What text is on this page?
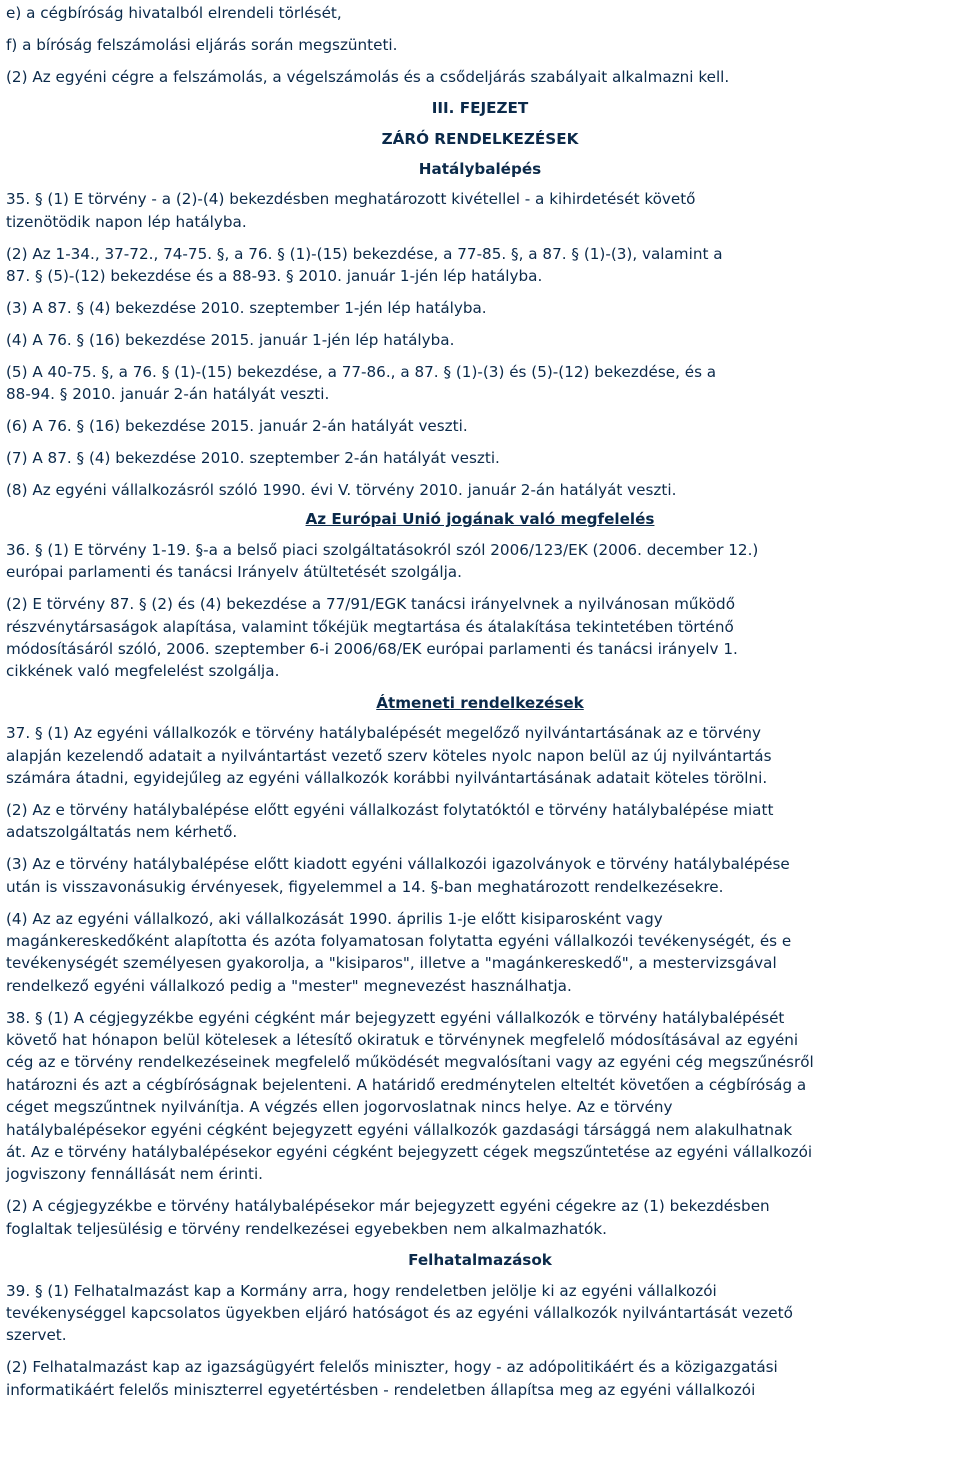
e) a cégbíróság hivatalból elrendeli törlését,
f) a bíróság felszámolási eljárás során megszünteti.
(2) Az egyéni cégre a felszámolás, a végelszámolás és a csődeljárás szabályait alkalmazni kell.
III. FEJEZET
ZÁRÓ RENDELKEZÉSEK
Hatálybalépés
35. § (1) E törvény - a (2)-(4) bekezdésben meghatározott kivétellel - a kihirdetését követő
tizenötödik napon lép hatályba.
(2) Az 1-34., 37-72., 74-75. §, a 76. § (1)-(15) bekezdése, a 77-85. §, a 87. § (1)-(3), valamint a
87. § (5)-(12) bekezdése és a 88-93. § 2010. január 1-jén lép hatályba.
(3) A 87. § (4) bekezdése 2010. szeptember 1-jén lép hatályba.
(4) A 76. § (16) bekezdése 2015. január 1-jén lép hatályba.
(5) A 40-75. §, a 76. § (1)-(15) bekezdése, a 77-86., a 87. § (1)-(3) és (5)-(12) bekezdése, és a
88-94. § 2010. január 2-án hatályát veszti.
(6) A 76. § (16) bekezdése 2015. január 2-án hatályát veszti.
(7) A 87. § (4) bekezdése 2010. szeptember 2-án hatályát veszti.
(8) Az egyéni vállalkozásról szóló 1990. évi V. törvény 2010. január 2-án hatályát veszti.
Az Európai Unió jogának való megfelelés
36. § (1) E törvény 1-19. §-a a belső piaci szolgáltatásokról szól 2006/123/EK (2006. december 12.)
európai parlamenti és tanácsi Irányelv átültetését szolgálja.
(2) E törvény 87. § (2) és (4) bekezdése a 77/91/EGK tanácsi irányelvnek a nyilvánosan működő
részvénytársaságok alapítása, valamint tőkéjük megtartása és átalakítása tekintetében történő
módosításáról szóló, 2006. szeptember 6-i 2006/68/EK európai parlamenti és tanácsi irányelv 1.
cikkének való megfelelést szolgálja.
Átmeneti rendelkezések
37. § (1) Az egyéni vállalkozók e törvény hatálybalépését megelőző nyilvántartásának az e törvény
alapján kezelendő adatait a nyilvántartást vezető szerv köteles nyolc napon belül az új nyilvántartás
számára átadni, egyidejűleg az egyéni vállalkozók korábbi nyilvántartásának adatait köteles törölni.
(2) Az e törvény hatálybalépése előtt egyéni vállalkozást folytatóktól e törvény hatálybalépése miatt
adatszolgáltatás nem kérhető.
(3) Az e törvény hatálybalépése előtt kiadott egyéni vállalkozói igazolványok e törvény hatálybalépése
után is visszavonásukig érvényesek, figyelemmel a 14. §-ban meghatározott rendelkezésekre.
(4) Az az egyéni vállalkozó, aki vállalkozását 1990. április 1-je előtt kisiparosként vagy
magánkereskedőként alapította és azóta folyamatosan folytatta egyéni vállalkozói tevékenységét, és e
tevékenységét személyesen gyakorolja, a "kisiparos", illetve a "magánkereskedő", a mestervizsgával
rendelkező egyéni vállalkozó pedig a "mester" megnevezést használhatja.
38. § (1) A cégjegyzékbe egyéni cégként már bejegyzett egyéni vállalkozók e törvény hatálybalépését
követő hat hónapon belül kötelesek a létesítő okiratuk e törvénynek megfelelő módosításával az egyéni
cég az e törvény rendelkezéseinek megfelelő működését megvalósítani vagy az egyéni cég megszűnésről
határozni és azt a cégbíróságnak bejelenteni. A határidő eredménytelen elteltét követően a cégbíróság a
céget megszűntnek nyilvánítja. A végzés ellen jogorvoslatnak nincs helye. Az e törvény
hatálybalépésekor egyéni cégként bejegyzett egyéni vállalkozók gazdasági társággá nem alakulhatnak
át. Az e törvény hatálybalépésekor egyéni cégként bejegyzett cégek megszűntetése az egyéni vállalkozói
jogviszony fennállását nem érinti.
(2) A cégjegyzékbe e törvény hatálybalépésekor már bejegyzett egyéni cégekre az (1) bekezdésben
foglaltak teljesülésig e törvény rendelkezései egyebekben nem alkalmazhatók.
Felhatalmazások
39. § (1) Felhatalmazást kap a Kormány arra, hogy rendeletben jelölje ki az egyéni vállalkozói
tevékenységgel kapcsolatos ügyekben eljáró hatóságot és az egyéni vállalkozók nyilvántartását vezető
szervet.
(2) Felhatalmazást kap az igazságügyért felelős miniszter, hogy - az adópolitikáért és a közigazgatási
informatikáért felelős miniszterrel egyetértésben - rendeletben állapítsa meg az egyéni vállalkozói
